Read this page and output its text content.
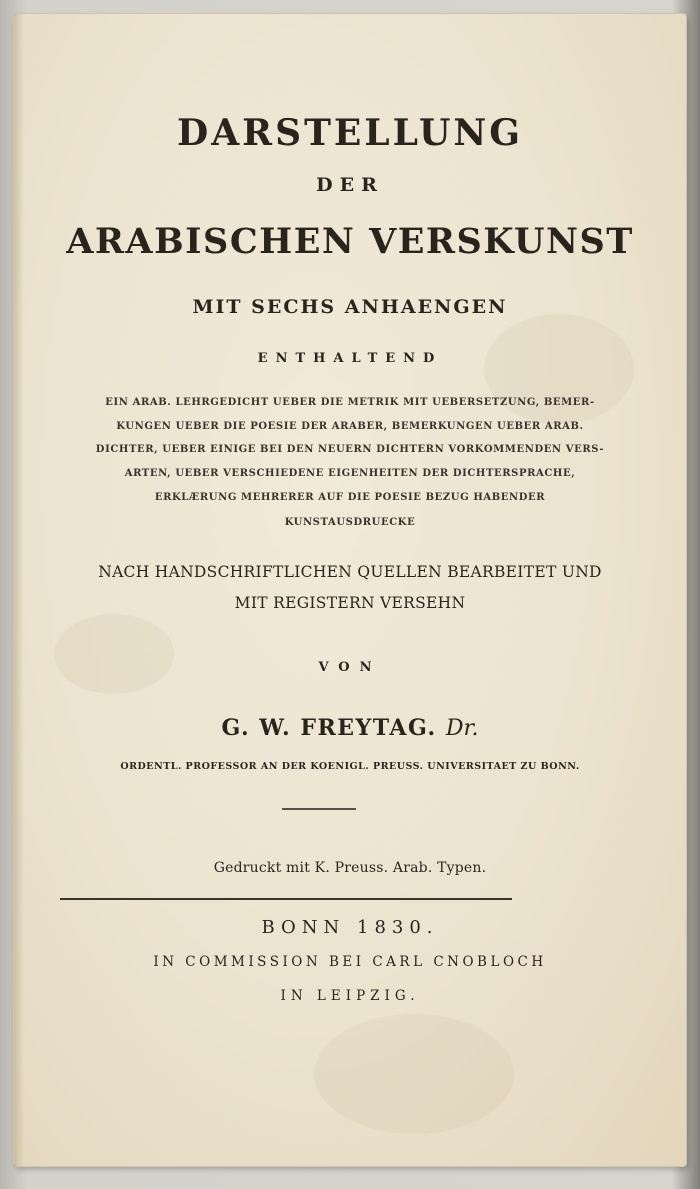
DARSTELLUNG
DER
ARABISCHEN VERSKUNST
MIT SECHS ANHAENGEN
ENTHALTEND
EIN ARAB. LEHRGEDICHT UEBER DIE METRIK MIT UEBERSETZUNG, BEMER-
KUNGEN UEBER DIE POESIE DER ARABER, BEMERKUNGEN UEBER ARAB.
DICHTER, UEBER EINIGE BEI DEN NEUERN DICHTERN VORKOMMENDEN VERS-
ARTEN, UEBER VERSCHIEDENE EIGENHEITEN DER DICHTERSPRACHE,
ERKLÆRUNG MEHRERER AUF DIE POESIE BEZUG HABENDER
KUNSTAUSDRUECKE
NACH HANDSCHRIFTLICHEN QUELLEN BEARBEITET UND
MIT REGISTERN VERSEHN
VON
G. W. FREYTAG. Dr.
ORDENTL. PROFESSOR AN DER KOENIGL. PREUSS. UNIVERSITAET ZU BONN.
Gedruckt mit K. Preuss. Arab. Typen.
BONN 1830.
IN COMMISSION BEI CARL CNOBLOCH
IN LEIPZIG.
